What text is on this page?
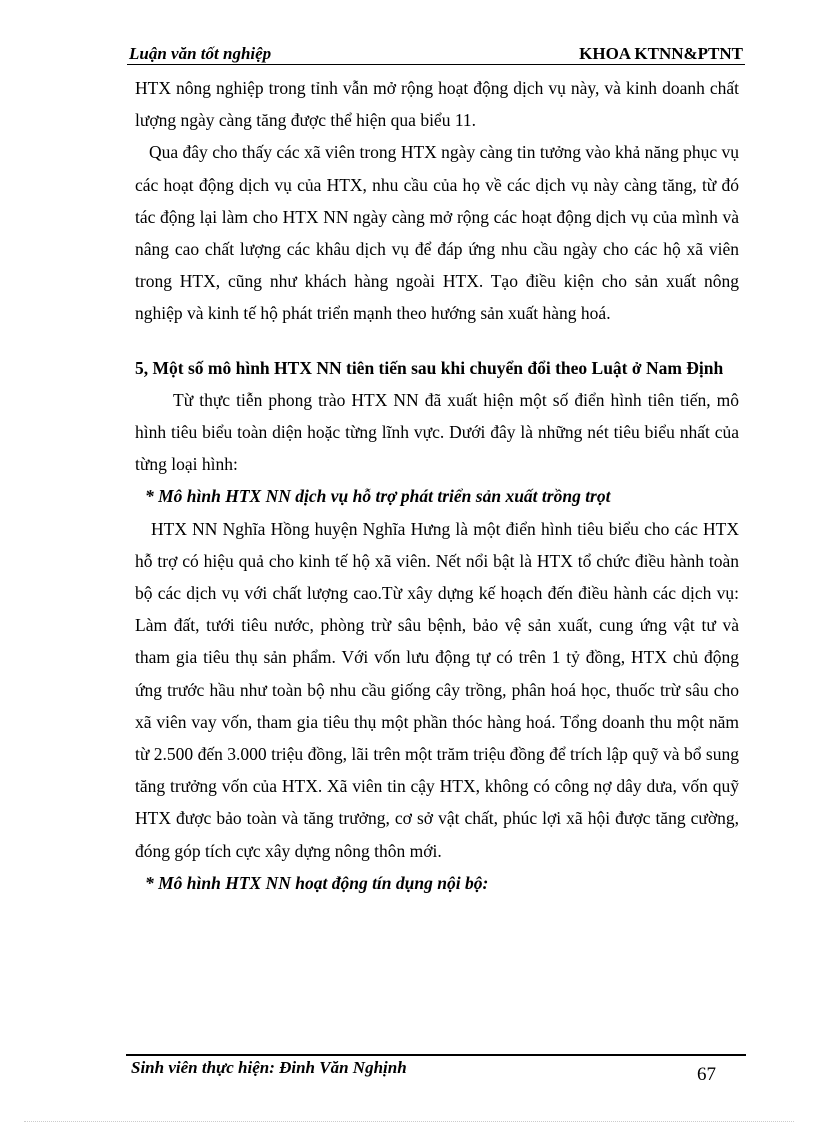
Luận văn tốt nghiệp	KHOA KTNN&PTNT

HTX nông nghiệp trong tỉnh vẫn mở rộng hoạt động dịch vụ này, và kinh doanh chất lượng ngày càng tăng được thể hiện qua biểu 11.

Qua đây cho thấy các xã viên trong HTX ngày càng tin tưởng vào khả năng phục vụ các hoạt động dịch vụ của HTX, nhu cầu của họ về các dịch vụ này càng tăng, từ đó tác động lại làm cho HTX NN ngày càng mở rộng các hoạt động dịch vụ của mình và nâng cao chất lượng các khâu dịch vụ để đáp ứng nhu cầu ngày cho các hộ xã viên trong HTX, cũng như khách hàng ngoài HTX. Tạo điều kiện cho sản xuất nông nghiệp và kinh tế hộ phát triển mạnh theo hướng sản xuất hàng hoá.

5, Một số mô hình HTX NN tiên tiến sau khi chuyển đổi theo Luật ở Nam Định

Từ thực tiễn phong trào HTX NN đã xuất hiện một số điển hình tiên tiến, mô hình tiêu biểu toàn diện hoặc từng lĩnh vực. Dưới đây là những nét tiêu biểu nhất của từng loại hình:

* Mô hình HTX NN dịch vụ hỗ trợ phát triển sản xuất trồng trọt

HTX NN Nghĩa Hồng huyện Nghĩa Hưng là một điển hình tiêu biểu cho các HTX hỗ trợ có hiệu quả cho kinh tế hộ xã viên. Nết nổi bật là HTX tổ chức điều hành toàn bộ các dịch vụ với chất lượng cao.Từ xây dựng kế hoạch đến điều hành các dịch vụ: Làm đất, tưới tiêu nước, phòng trừ sâu bệnh, bảo vệ sản xuất, cung ứng vật tư và tham gia tiêu thụ sản phẩm. Với vốn lưu động tự có trên 1 tỷ đồng, HTX chủ động ứng trước hầu như toàn bộ nhu cầu giống cây trồng, phân hoá học, thuốc trừ sâu cho xã viên vay vốn, tham gia tiêu thụ một phần thóc hàng hoá. Tổng doanh thu một năm từ 2.500 đến 3.000 triệu đồng, lãi trên một trăm triệu đồng để trích lập quỹ và bổ sung tăng trưởng vốn của HTX. Xã viên tin cậy HTX, không có công nợ dây dưa, vốn quỹ HTX được bảo toàn và tăng trưởng, cơ sở vật chất, phúc lợi xã hội được tăng cường, đóng góp tích cực xây dựng nông thôn mới.

* Mô hình HTX NN hoạt động tín dụng nội bộ:

Sinh viên thực hiện: Đinh Văn Nghịnh	67
